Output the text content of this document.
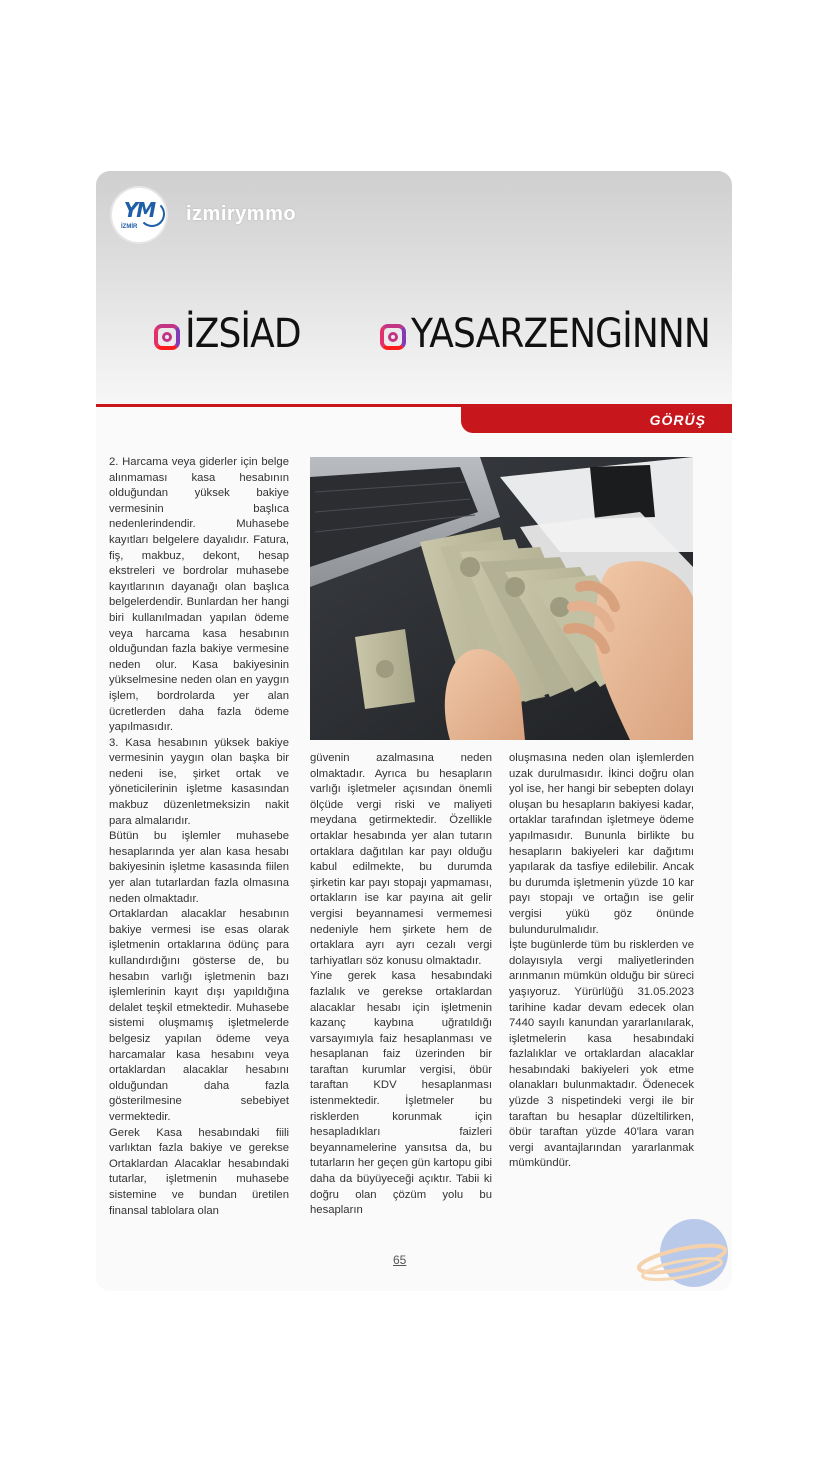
YM
İZMİR
izmirymmo
İZSİAD	YASARZENGİNNN
GÖRÜŞ

2. Harcama veya giderler için belge alınmaması kasa hesabının olduğundan yüksek bakiye vermesinin başlıca nedenlerindendir. Muhasebe kayıtları belgelere dayalıdır. Fatura, fiş, makbuz, dekont, hesap ekstreleri ve bordrolar muhasebe kayıtlarının dayanağı olan başlıca belgelerdendir. Bunlardan her hangi biri kullanılmadan yapılan ödeme veya harcama kasa hesabının olduğundan fazla bakiye vermesine neden olur. Kasa bakiyesinin yükselmesine neden olan en yaygın işlem, bordrolarda yer alan ücretlerden daha fazla ödeme yapılmasıdır.

3. Kasa hesabının yüksek bakiye vermesinin yaygın olan başka bir nedeni ise, şirket ortak ve yöneticilerinin işletme kasasından makbuz düzenletmeksizin nakit para almalarıdır.

Bütün bu işlemler muhasebe hesaplarında yer alan kasa hesabı bakiyesinin işletme kasasında fiilen yer alan tutarlardan fazla olmasına neden olmaktadır.

Ortaklardan alacaklar hesabının bakiye vermesi ise esas olarak işletmenin ortaklarına ödünç para kullandırdığını gösterse de, bu hesabın varlığı işletmenin bazı işlemlerinin kayıt dışı yapıldığına delalet teşkil etmektedir. Muhasebe sistemi oluşmamış işletmelerde belgesiz yapılan ödeme veya harcamalar kasa hesabını veya ortaklardan alacaklar hesabını olduğundan daha fazla gösterilmesine sebebiyet vermektedir.

Gerek Kasa hesabındaki fiili varlıktan fazla bakiye ve gerekse Ortaklardan Alacaklar hesabındaki tutarlar, işletmenin muhasebe sistemine ve bundan üretilen finansal tablolara olan

güvenin azalmasına neden olmaktadır. Ayrıca bu hesapların varlığı işletmeler açısından önemli ölçüde vergi riski ve maliyeti meydana getirmektedir. Özellikle ortaklar hesabında yer alan tutarın ortaklara dağıtılan kar payı olduğu kabul edilmekte, bu durumda şirketin kar payı stopajı yapmaması, ortakların ise kar payına ait gelir vergisi beyannamesi vermemesi nedeniyle hem şirkete hem de ortaklara ayrı ayrı cezalı vergi tarhiyatları söz konusu olmaktadır.

Yine gerek kasa hesabındaki fazlalık ve gerekse ortaklardan alacaklar hesabı için işletmenin kazanç kaybına uğratıldığı varsayımıyla faiz hesaplanması ve hesaplanan faiz üzerinden bir taraftan kurumlar vergisi, öbür taraftan KDV hesaplanması istenmektedir. İşletmeler bu risklerden korunmak için hesapladıkları faizleri beyannamelerine yansıtsa da, bu tutarların her geçen gün kartopu gibi daha da büyüyeceği açıktır. Tabii ki doğru olan çözüm yolu bu hesapların

oluşmasına neden olan işlemlerden uzak durulmasıdır. İkinci doğru olan yol ise, her hangi bir sebepten dolayı oluşan bu hesapların bakiyesi kadar, ortaklar tarafından işletmeye ödeme yapılmasıdır. Bununla birlikte bu hesapların bakiyeleri kar dağıtımı yapılarak da tasfiye edilebilir. Ancak bu durumda işletmenin yüzde 10 kar payı stopajı ve ortağın ise gelir vergisi yükü göz önünde bulundurulmalıdır.

İşte bugünlerde tüm bu risklerden ve dolayısıyla vergi maliyetlerinden arınmanın mümkün olduğu bir süreci yaşıyoruz. Yürürlüğü 31.05.2023 tarihine kadar devam edecek olan 7440 sayılı kanundan yararlanılarak, işletmelerin kasa hesabındaki fazlalıklar ve ortaklardan alacaklar hesabındaki bakiyeleri yok etme olanakları bulunmaktadır. Ödenecek yüzde 3 nispetindeki vergi ile bir taraftan bu hesaplar düzeltilirken, öbür taraftan yüzde 40'lara varan vergi avantajlarından yararlanmak mümkündür.

65
